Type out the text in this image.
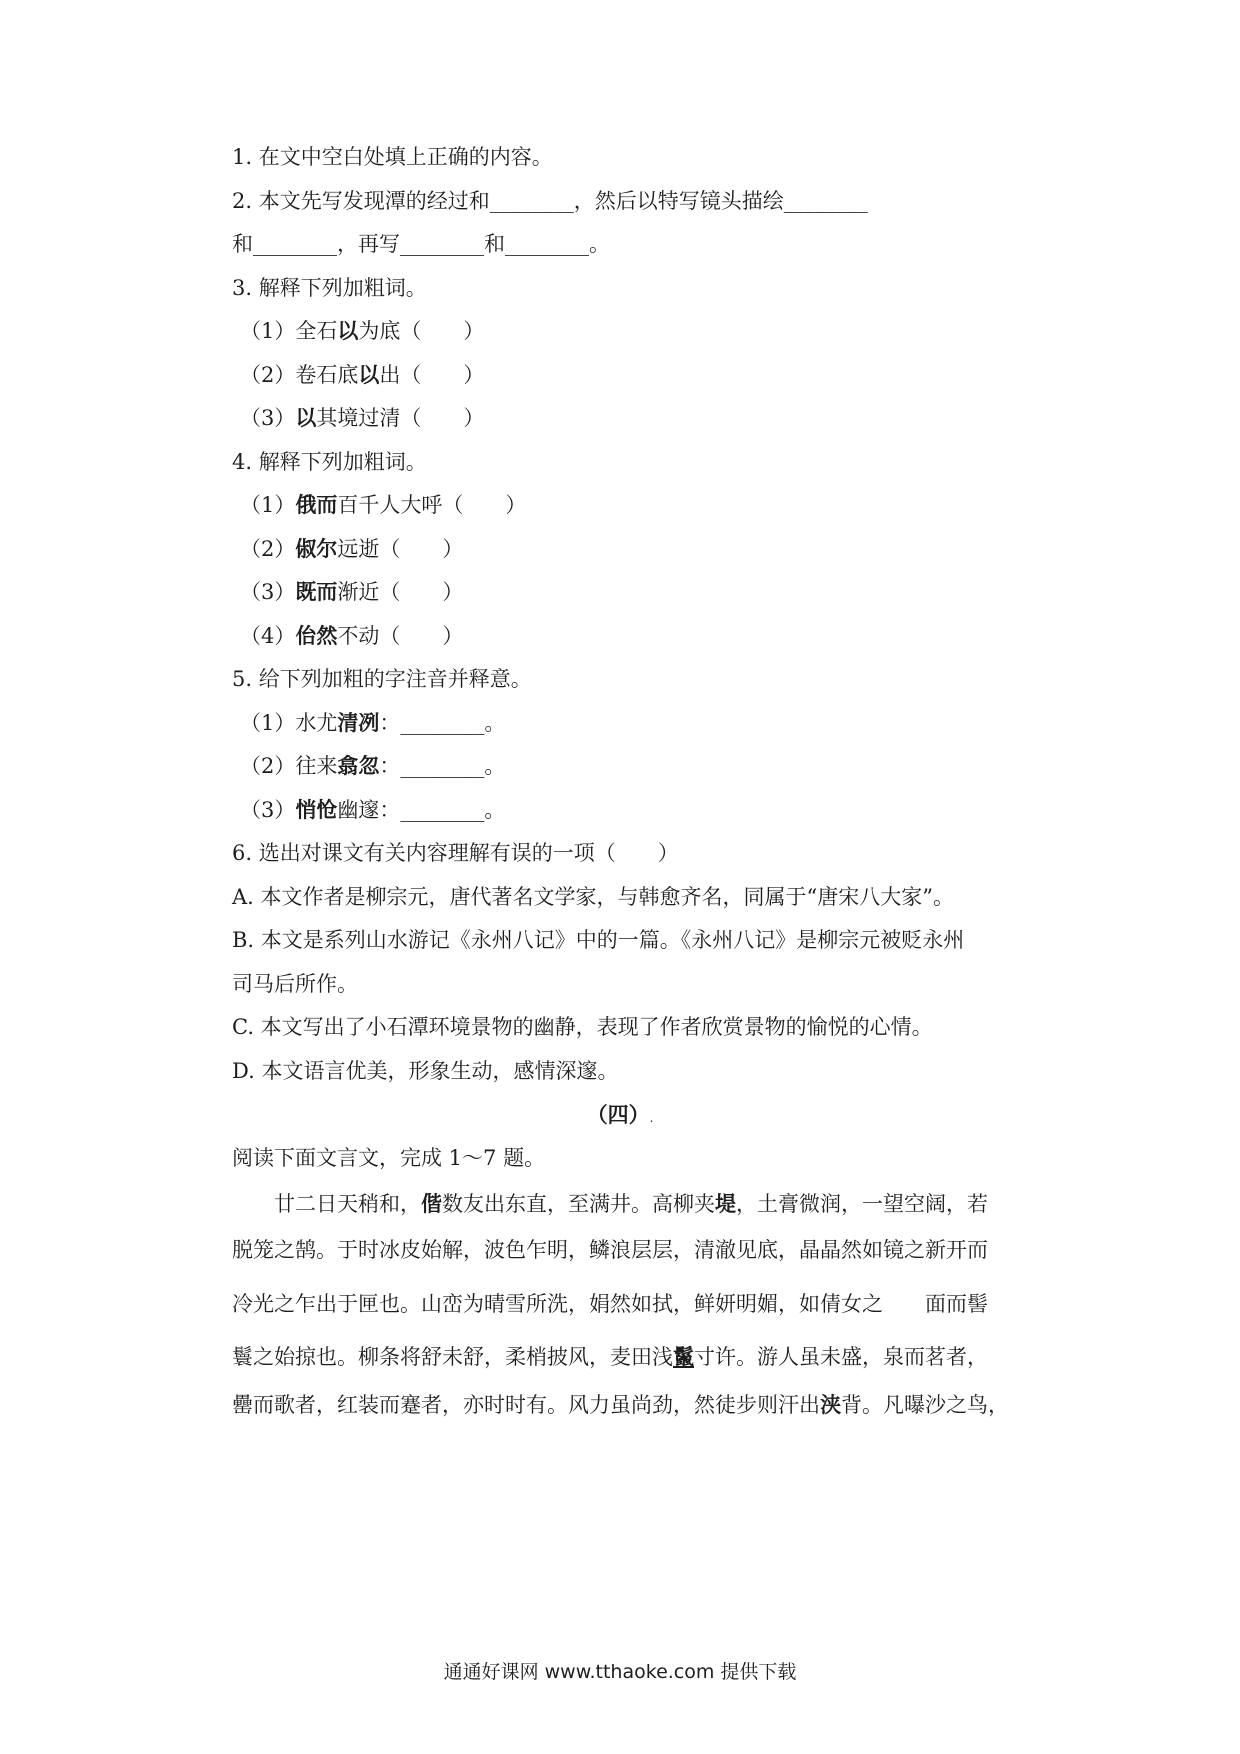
1. 在文中空白处填上正确的内容。
2. 本文先写发现潭的经过和________，然后以特写镜头描绘________
和________，再写________和________。
3. 解释下列加粗词。
（1）全石以为底（　　）
（2）卷石底以出（　　）
（3）以其境过清（　　）
4. 解释下列加粗词。
（1）俄而百千人大呼（　　）
（2）俶尔远逝（　　）
（3）既而渐近（　　）
（4）佁然不动（　　）
5. 给下列加粗的字注音并释意。
（1）水尤清冽：________。
（2）往来翕忽：________。
（3）悄怆幽邃：________。
6. 选出对课文有关内容理解有误的一项（　　）
A. 本文作者是柳宗元，唐代著名文学家，与韩愈齐名，同属于“唐宋八大家”。
B. 本文是系列山水游记《永州八记》中的一篇。《永州八记》是柳宗元被贬永州
司马后所作。
C. 本文写出了小石潭环境景物的幽静，表现了作者欣赏景物的愉悦的心情。
D. 本文语言优美，形象生动，感情深邃。
（四）.
阅读下面文言文，完成 1～7 题。
　　廿二日天稍和，偕数友出东直，至满井。高柳夹堤，土膏微润，一望空阔，若
脱笼之鹄。于时冰皮始解，波色乍明，鳞浪层层，清澈见底，晶晶然如镜之新开而
冷光之乍出于匣也。山峦为晴雪所洗，娟然如拭，鲜妍明媚，如倩女之　　面而髻
鬟之始掠也。柳条将舒未舒，柔梢披风，麦田浅鬣寸许。游人虽未盛，泉而茗者，
罍而歌者，红装而蹇者，亦时时有。风力虽尚劲，然徒步则汗出浃背。凡曝沙之鸟，
通通好课网 www.tthaoke.com 提供下载
